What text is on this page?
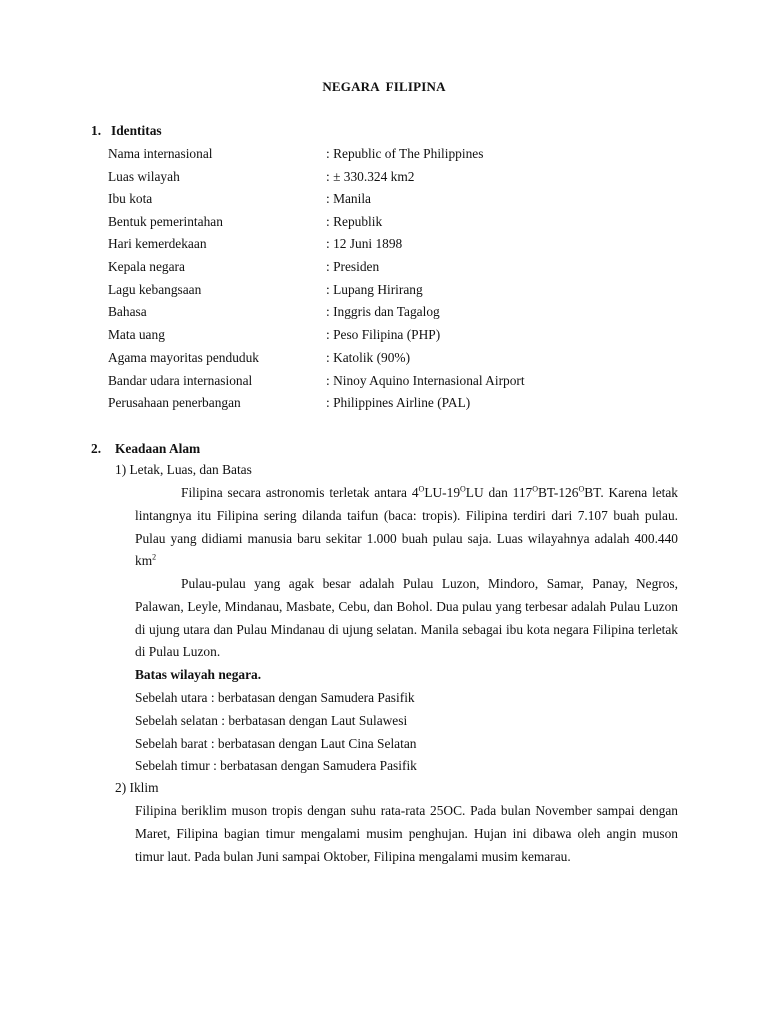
NEGARA FILIPINA
1. Identitas
Nama internasional	: Republic of The Philippines
Luas wilayah	: ± 330.324 km2
Ibu kota	: Manila
Bentuk pemerintahan	: Republik
Hari kemerdekaan	: 12 Juni 1898
Kepala negara	: Presiden
Lagu kebangsaan	: Lupang Hirirang
Bahasa	: Inggris dan Tagalog
Mata uang	: Peso Filipina (PHP)
Agama mayoritas penduduk	: Katolik (90%)
Bandar udara internasional	: Ninoy Aquino Internasional Airport
Perusahaan penerbangan	: Philippines Airline (PAL)
2. Keadaan Alam
1) Letak, Luas, dan Batas

Filipina secara astronomis terletak antara $4^OLU-19^OLU$ dan $117^OBT-126^OBT$. Karena letak lintangnya itu Filipina sering dilanda taifun (baca: tropis). Filipina terdiri dari 7.107 buah pulau. Pulau yang didiami manusia baru sekitar 1.000 buah pulau saja. Luas wilayahnya adalah 400.440 $km^2$

Pulau-pulau yang agak besar adalah Pulau Luzon, Mindoro, Samar, Panay, Negros, Palawan, Leyle, Mindanau, Masbate, Cebu, dan Bohol. Dua pulau yang terbesar adalah Pulau Luzon di ujung utara dan Pulau Mindanau di ujung selatan. Manila sebagai ibu kota negara Filipina terletak di Pulau Luzon.

Batas wilayah negara.
Sebelah utara : berbatasan dengan Samudera Pasifik
Sebelah selatan : berbatasan dengan Laut Sulawesi
Sebelah barat : berbatasan dengan Laut Cina Selatan
Sebelah timur : berbatasan dengan Samudera Pasifik
2) Iklim

Filipina beriklim muson tropis dengan suhu rata-rata 25OC. Pada bulan November sampai dengan Maret, Filipina bagian timur mengalami musim penghujan. Hujan ini dibawa oleh angin muson timur laut. Pada bulan Juni sampai Oktober, Filipina mengalami musim kemarau.
